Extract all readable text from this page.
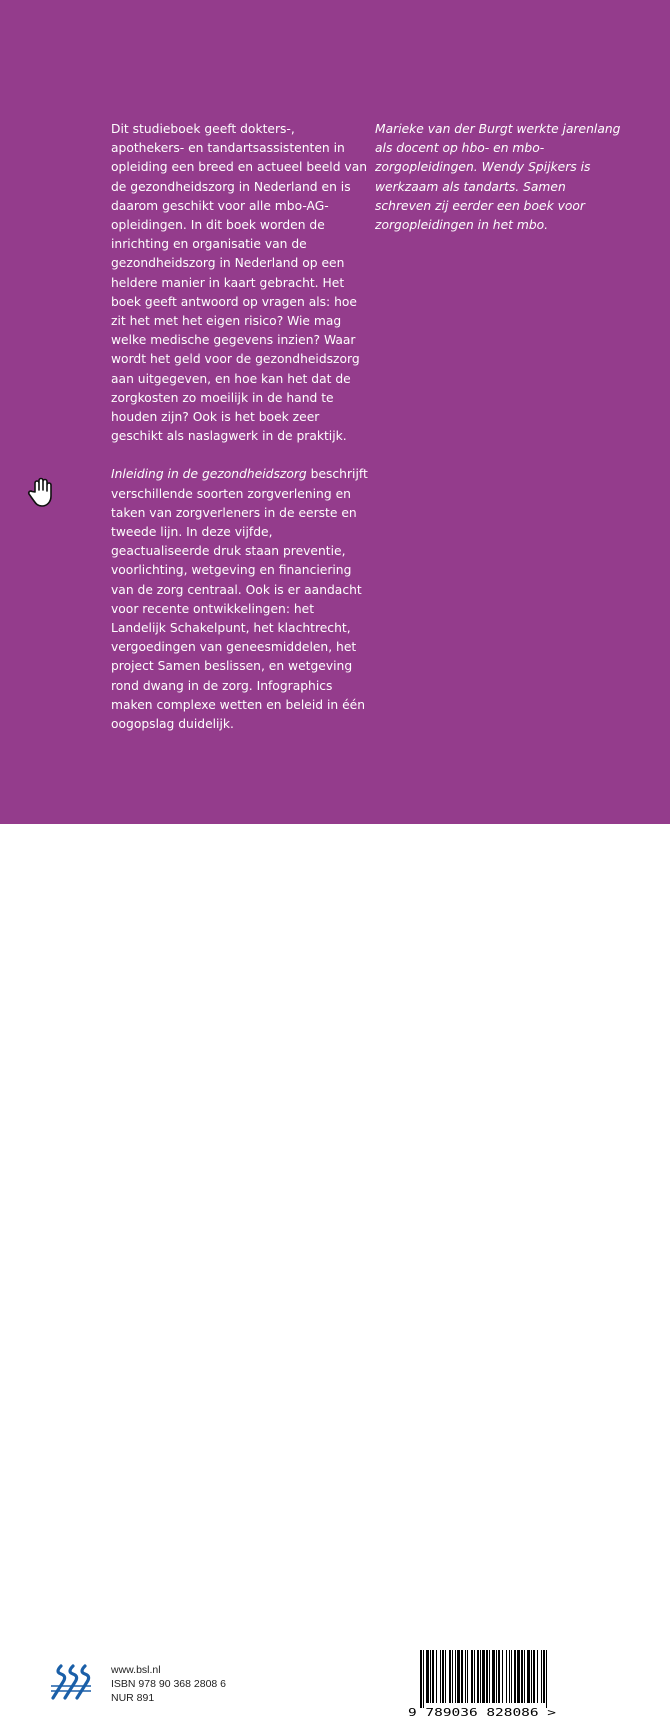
Dit studieboek geeft dokters-, apothekers- en tandartsassistenten in opleiding een breed en actueel beeld van de gezondheidszorg in Nederland en is daarom geschikt voor alle mbo-AG-opleidingen. In dit boek worden de inrichting en organisatie van de gezondheidszorg in Nederland op een heldere manier in kaart gebracht. Het boek geeft antwoord op vragen als: hoe zit het met het eigen risico? Wie mag welke medische gegevens inzien? Waar wordt het geld voor de gezondheidszorg aan uitgegeven, en hoe kan het dat de zorgkosten zo moeilijk in de hand te houden zijn? Ook is het boek zeer geschikt als naslagwerk in de praktijk.

Inleiding in de gezondheidszorg beschrijft verschillende soorten zorgverlening en taken van zorgverleners in de eerste en tweede lijn. In deze vijfde, geactualiseerde druk staan preventie, voorlichting, wetgeving en financiering van de zorg centraal. Ook is er aandacht voor recente ontwikkelingen: het Landelijk Schakelpunt, het klachtrecht, vergoedingen van geneesmiddelen, het project Samen beslissen, en wetgeving rond dwang in de zorg. Infographics maken complexe wetten en beleid in één oogopslag duidelijk.

Marieke van der Burgt werkte jarenlang als docent op hbo- en mbo-zorgopleidingen. Wendy Spijkers is werkzaam als tandarts. Samen schreven zij eerder een boek voor zorgopleidingen in het mbo.

www.bsl.nl
ISBN 978 90 368 2808 6
NUR 891
9 789036 828086 >
